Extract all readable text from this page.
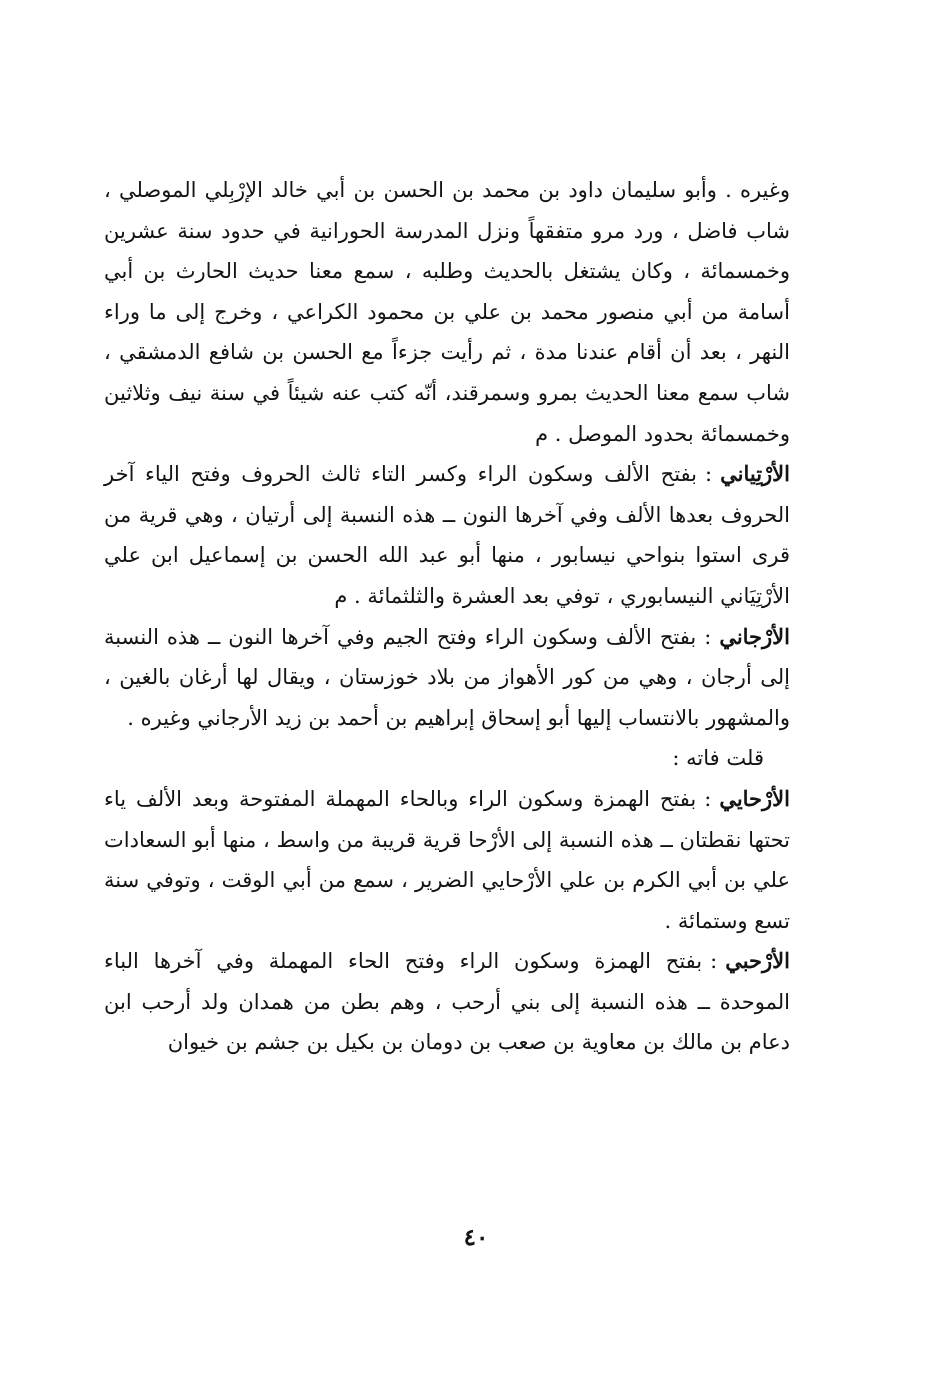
وغيره . وأبو سليمان داود بن محمد بن الحسن بن أبي خالد الإرْبِلي الموصلي ، شاب فاضل ، ورد مرو متفقهاً ونزل المدرسة الحورانية في حدود سنة عشرين وخمسمائة ، وكان يشتغل بالحديث وطلبه ، سمع معنا حديث الحارث بن أبي أسامة من أبي منصور محمد بن علي بن محمود الكراعي ، وخرج إلى ما وراء النهر ، بعد أن أقام عندنا مدة ، ثم رأيت جزءاً مع الحسن بن شافع الدمشقي ، شاب سمع معنا الحديث بمرو وسمرقند، أنّه كتب عنه شيئاً في سنة نيف وثلاثين وخمسمائة بحدود الموصل . م

الأرْتِياني:بفتح الألف وسكون الراء وكسر التاء ثالث الحروف وفتح الياء آخر الحروف بعدها الألف وفي آخرها النون ــ هذه النسبة إلى أرتيان ، وهي قرية من قرى استوا بنواحي نيسابور ، منها أبو عبد الله الحسن بن إسماعيل ابن علي الأرْتِيَاني النيسابوري ، توفي بعد العشرة والثلثمائة . م

الأرْجاني:بفتح الألف وسكون الراء وفتح الجيم وفي آخرها النون ــ هذه النسبة إلى أرجان ، وهي من كور الأهواز من بلاد خوزستان ، ويقال لها أرغان بالغين ، والمشهور بالانتساب إليها أبو إسحاق إبراهيم بن أحمد بن زيد الأرجاني وغيره .

قلت فاته :

الأرْحايي:بفتح الهمزة وسكون الراء وبالحاء المهملة المفتوحة وبعد الألف ياء تحتها نقطتان ــ هذه النسبة إلى الأرْحا قرية قريبة من واسط ، منها أبو السعادات علي بن أبي الكرم بن علي الأرْحايي الضرير ، سمع من أبي الوقت ، وتوفي سنة تسع وستمائة .

الأرْحبي:بفتح الهمزة وسكون الراء وفتح الحاء المهملة وفي آخرها الباء الموحدة ــ هذه النسبة إلى بني أرحب ، وهم بطن من همدان ولد أرحب ابن دعام بن مالك بن معاوية بن صعب بن دومان بن بكيل بن جشم بن خيوان

٤٠
